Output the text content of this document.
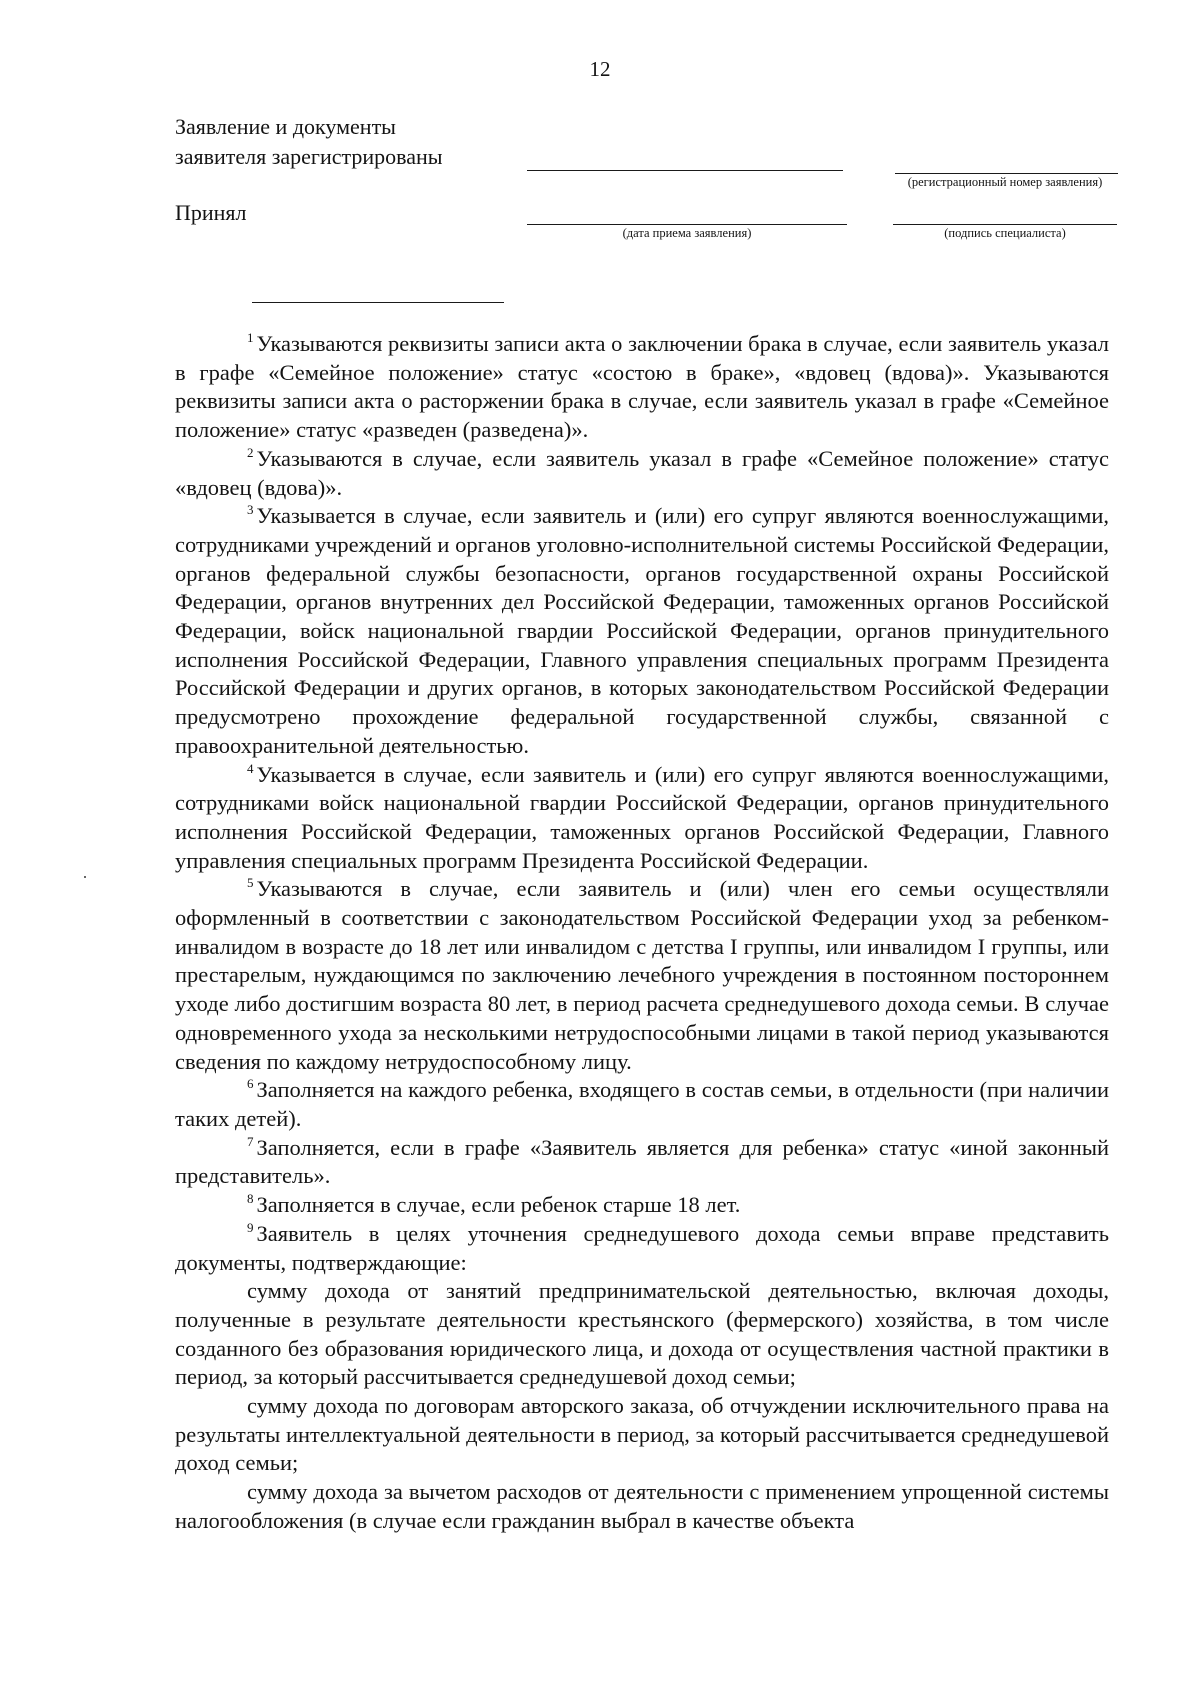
12
Заявление и документы
заявителя зарегистрированы
(регистрационный номер заявления)
Принял
(дата приема заявления)	(подпись специалиста)

$^1$ Указываются реквизиты записи акта о заключении брака в случае, если заявитель указал в графе «Семейное положение» статус «состою в браке», «вдовец (вдова)». Указываются реквизиты записи акта о расторжении брака в случае, если заявитель указал в графе «Семейное положение» статус «разведен (разведена)».

$^2$ Указываются в случае, если заявитель указал в графе «Семейное положение» статус «вдовец (вдова)».

$^3$ Указывается в случае, если заявитель и (или) его супруг являются военнослужащими, сотрудниками учреждений и органов уголовно-исполнительной системы Российской Федерации, органов федеральной службы безопасности, органов государственной охраны Российской Федерации, органов внутренних дел Российской Федерации, таможенных органов Российской Федерации, войск национальной гвардии Российской Федерации, органов принудительного исполнения Российской Федерации, Главного управления специальных программ Президента Российской Федерации и других органов, в которых законодательством Российской Федерации предусмотрено прохождение федеральной государственной службы, связанной с правоохранительной деятельностью.

$^4$ Указывается в случае, если заявитель и (или) его супруг являются военнослужащими, сотрудниками войск национальной гвардии Российской Федерации, органов принудительного исполнения Российской Федерации, таможенных органов Российской Федерации, Главного управления специальных программ Президента Российской Федерации.

$^5$ Указываются в случае, если заявитель и (или) член его семьи осуществляли оформленный в соответствии с законодательством Российской Федерации уход за ребенком-инвалидом в возрасте до 18 лет или инвалидом с детства I группы, или инвалидом I группы, или престарелым, нуждающимся по заключению лечебного учреждения в постоянном постороннем уходе либо достигшим возраста 80 лет, в период расчета среднедушевого дохода семьи. В случае одновременного ухода за несколькими нетрудоспособными лицами в такой период указываются сведения по каждому нетрудоспособному лицу.

$^6$ Заполняется на каждого ребенка, входящего в состав семьи, в отдельности (при наличии таких детей).

$^7$ Заполняется, если в графе «Заявитель является для ребенка» статус «иной законный представитель».

$^8$ Заполняется в случае, если ребенок старше 18 лет.

$^9$ Заявитель в целях уточнения среднедушевого дохода семьи вправе представить документы, подтверждающие:

сумму дохода от занятий предпринимательской деятельностью, включая доходы, полученные в результате деятельности крестьянского (фермерского) хозяйства, в том числе созданного без образования юридического лица, и дохода от осуществления частной практики в период, за который рассчитывается среднедушевой доход семьи;

сумму дохода по договорам авторского заказа, об отчуждении исключительного права на результаты интеллектуальной деятельности в период, за который рассчитывается среднедушевой доход семьи;

сумму дохода за вычетом расходов от деятельности с применением упрощенной системы налогообложения (в случае если гражданин выбрал в качестве объекта
